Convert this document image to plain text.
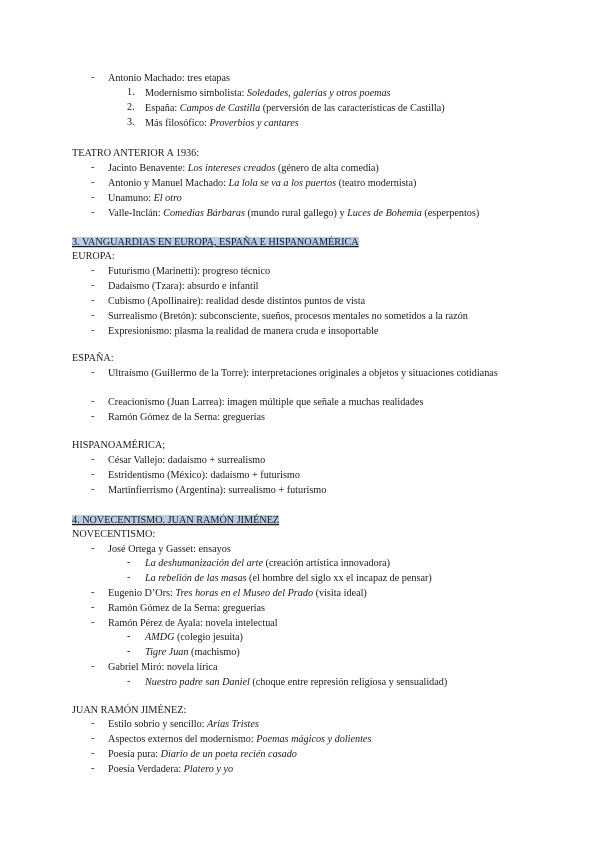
- Antonio Machado: tres etapas
1. Modernismo simbolista: Soledades, galerías y otros poemas
2. España: Campos de Castilla (perversión de las características de Castilla)
3. Más filosófico: Proverbios y cantares
TEATRO ANTERIOR A 1936:
- Jacinto Benavente: Los intereses creados (género de alta comedia)
- Antonio y Manuel Machado: La lola se va a los puertos (teatro modernista)
- Unamuno: El otro
- Valle-Inclán: Comedias Bárbaras (mundo rural gallego) y Luces de Bohemia (esperpentos)
3. VANGUARDIAS EN EUROPA, ESPAÑA E HISPANOAMÉRICA
EUROPA:
- Futurismo (Marinetti): progreso técnico
- Dadaísmo (Tzara): absurdo e infantil
- Cubismo (Apollinaire): realidad desde distintos puntos de vista
- Surrealismo (Bretón): subconsciente, sueños, procesos mentales no sometidos a la razón
- Expresionismo: plasma la realidad de manera cruda e insoportable
ESPAÑA:
- Ultraísmo (Guillermo de la Torre): interpretaciones originales a objetos y situaciones cotidianas
- Creacionismo (Juan Larrea): imagen múltiple que señale a muchas realidades
- Ramón Gómez de la Serna: greguerías
HISPANOAMÉRICA;
- César Vallejo: dadaísmo + surrealismo
- Estridentismo (México): dadaísmo + futurismo
- Martinfierrismo (Argentina): surrealismo + futurismo
4. NOVECENTISMO. JUAN RAMÓN JIMÉNEZ
NOVECENTISMO:
- José Ortega y Gasset: ensayos
- La deshumanización del arte (creación artística innovadora)
- La rebelión de las masas (el hombre del siglo xx el incapaz de pensar)
- Eugenio D’Ors: Tres horas en el Museo del Prado (visita ideal)
- Ramón Gómez de la Serna: greguerías
- Ramón Pérez de Ayala: novela intelectual
- AMDG (colegio jesuita)
- Tigre Juan (machismo)
- Gabriel Miró: novela lírica
- Nuestro padre san Daniel (choque entre represión religiosa y sensualidad)
JUAN RAMÓN JIMÉNEZ:
- Estilo sobrio y sencillo: Arias Tristes
- Aspectos externos del modernismo: Poemas mágicos y dolientes
- Poesía pura: Diario de un poeta recién casado
- Poesía Verdadera: Platero y yo
